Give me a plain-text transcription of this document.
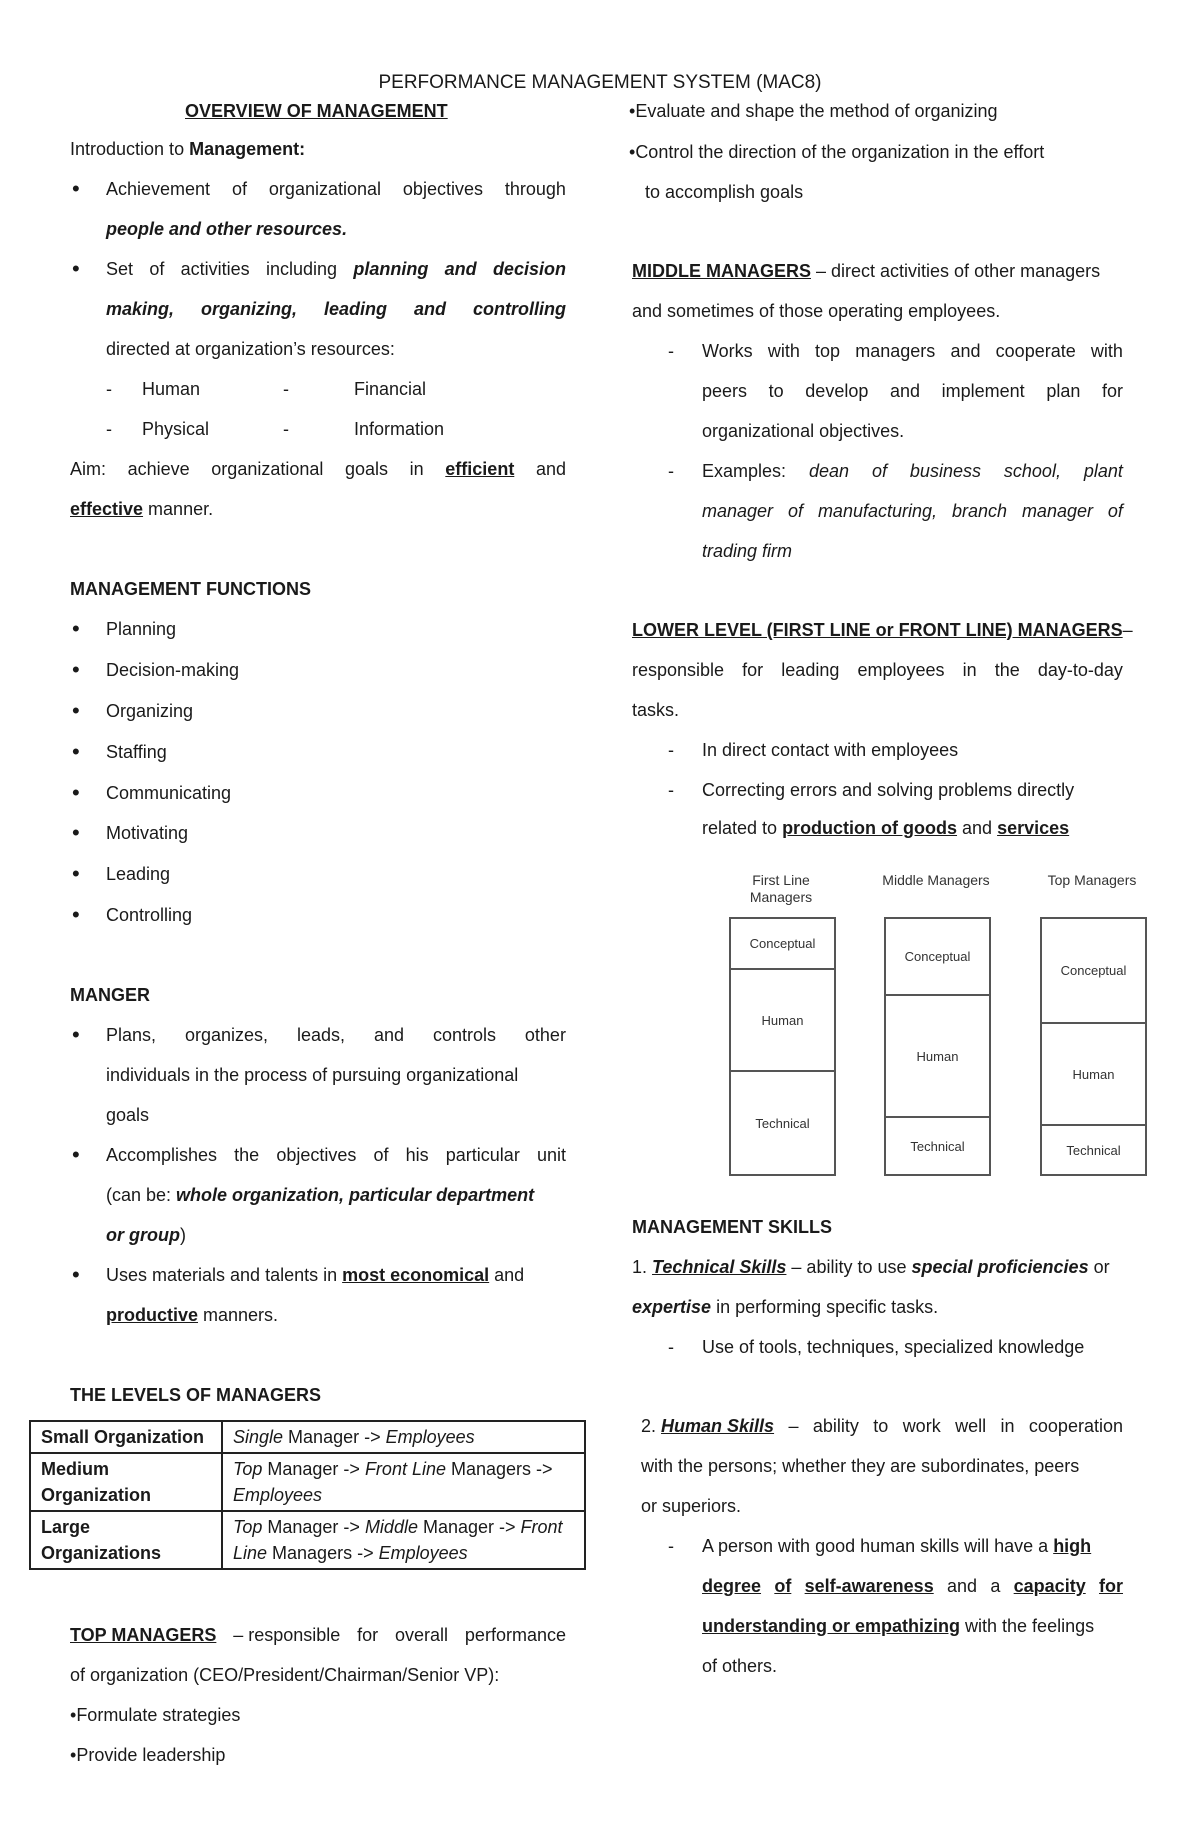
PERFORMANCE MANAGEMENT SYSTEM (MAC8)
OVERVIEW OF MANAGEMENT
Introduction to Management:
• Achievement of organizational objectives through
people and other resources.
• Set of activities including planning and decision
making, organizing, leading and controlling
directed at organization’s resources:
- Human	-	Financial
- Physical	-	Information
Aim: achieve organizational goals in efficient and
effective manner.
MANAGEMENT FUNCTIONS
• Planning
• Decision-making
• Organizing
• Staffing
• Communicating
• Motivating
• Leading
• Controlling
MANGER
• Plans, organizes, leads, and controls other
individuals in the process of pursuing organizational
goals
• Accomplishes the objectives of his particular unit
(can be: whole organization, particular department
or group)
• Uses materials and talents in most economical and
productive manners.
THE LEVELS OF MANAGERS
Small Organization	Single Manager -> Employees
Medium Organization	Top Manager -> Front Line Managers -> Employees
Large Organizations	Top Manager -> Middle Manager -> Front Line Managers -> Employees
TOP MANAGERS – responsible for overall performance
of organization (CEO/President/Chairman/Senior VP):
•Formulate strategies
•Provide leadership
•Evaluate and shape the method of organizing
•Control the direction of the organization in the effort
to accomplish goals
MIDDLE MANAGERS – direct activities of other managers
and sometimes of those operating employees.
- Works with top managers and cooperate with
peers to develop and implement plan for
organizational objectives.
- Examples: dean of business school, plant
manager of manufacturing, branch manager of
trading firm
LOWER LEVEL (FIRST LINE or FRONT LINE) MANAGERS–
responsible for leading employees in the day-to-day
tasks.
- In direct contact with employees
- Correcting errors and solving problems directly
related to production of goods and services
First Line Managers
Conceptual
Human
Technical
Middle Managers
Conceptual
Human
Technical
Top Managers
Conceptual
Human
Technical
MANAGEMENT SKILLS
1. Technical Skills – ability to use special proficiencies or
expertise in performing specific tasks.
- Use of tools, techniques, specialized knowledge
2. Human Skills – ability to work well in cooperation
with the persons; whether they are subordinates, peers
or superiors.
- A person with good human skills will have a high
degree of self-awareness and a capacity for
understanding or empathizing with the feelings
of others.
